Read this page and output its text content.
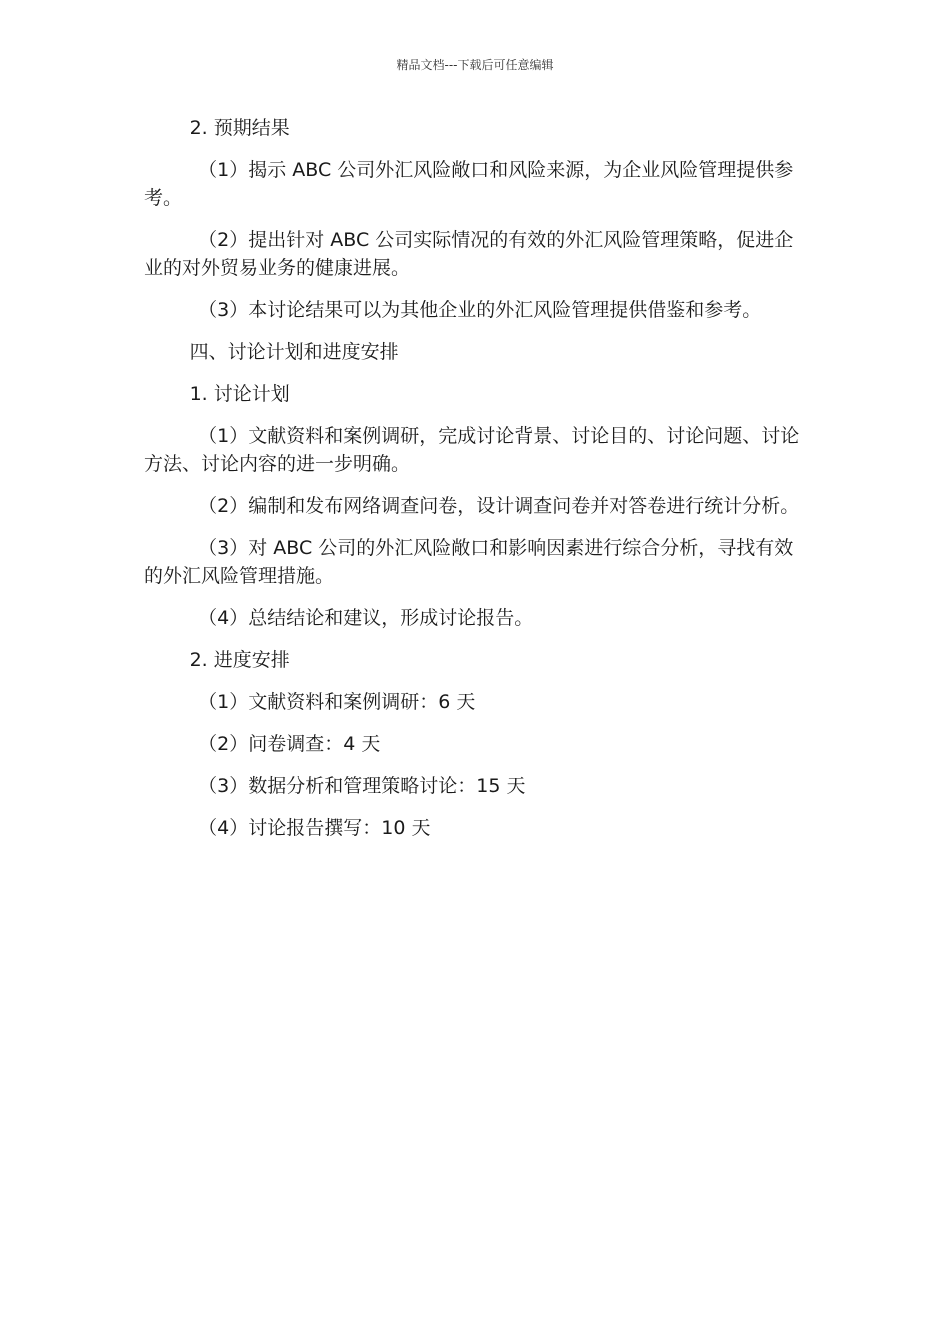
精品文档---下载后可任意编辑

2. 预期结果

（1）揭示 ABC 公司外汇风险敞口和风险来源，为企业风险管理提供参考。

（2）提出针对 ABC 公司实际情况的有效的外汇风险管理策略，促进企业的对外贸易业务的健康进展。

（3）本讨论结果可以为其他企业的外汇风险管理提供借鉴和参考。

四、讨论计划和进度安排

1. 讨论计划

（1）文献资料和案例调研，完成讨论背景、讨论目的、讨论问题、讨论方法、讨论内容的进一步明确。

（2）编制和发布网络调查问卷，设计调查问卷并对答卷进行统计分析。

（3）对 ABC 公司的外汇风险敞口和影响因素进行综合分析，寻找有效的外汇风险管理措施。

（4）总结结论和建议，形成讨论报告。

2. 进度安排

（1）文献资料和案例调研：6 天

（2）问卷调查：4 天

（3）数据分析和管理策略讨论：15 天

（4）讨论报告撰写：10 天
